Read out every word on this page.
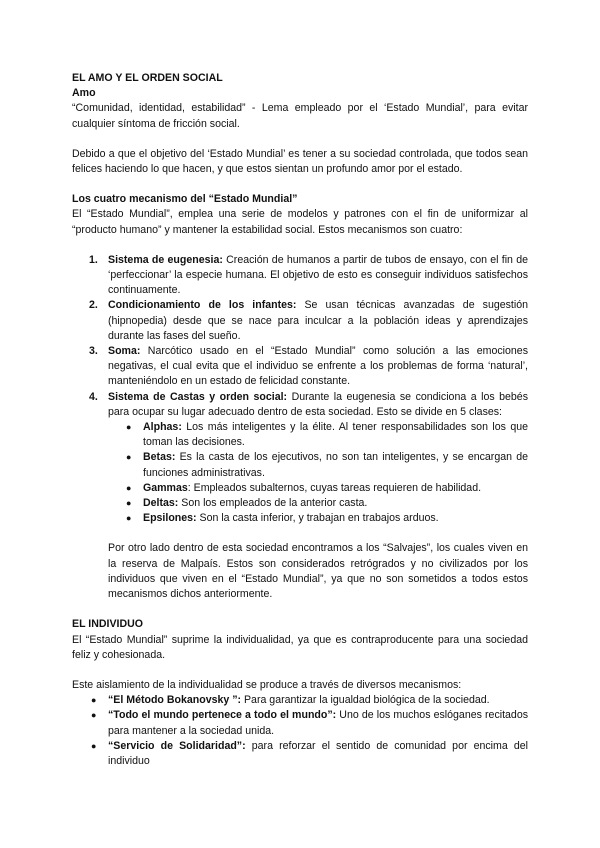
EL AMO Y EL ORDEN SOCIAL

Amo

“Comunidad, identidad, estabilidad” - Lema empleado por el ‘Estado Mundial’, para evitar cualquier síntoma de fricción social.

Debido a que el objetivo del ‘Estado Mundial’ es tener a su sociedad controlada, que todos sean felices haciendo lo que hacen, y que estos sientan un profundo amor por el estado.

Los cuatro mecanismo del “Estado Mundial”

El “Estado Mundial”, emplea una serie de modelos y patrones con el fin de uniformizar al “producto humano” y mantener la estabilidad social. Estos mecanismos son cuatro:

1. Sistema de eugenesia: Creación de humanos a partir de tubos de ensayo, con el fin de ‘perfeccionar’ la especie humana. El objetivo de esto es conseguir individuos satisfechos continuamente.
2. Condicionamiento de los infantes: Se usan técnicas avanzadas de sugestión (hipnopedia) desde que se nace para inculcar a la población ideas y aprendizajes durante las fases del sueño.
3. Soma: Narcótico usado en el “Estado Mundial” como solución a las emociones negativas, el cual evita que el individuo se enfrente a los problemas de forma ‘natural’, manteniéndolo en un estado de felicidad constante.
4. Sistema de Castas y orden social: Durante la eugenesia se condiciona a los bebés para ocupar su lugar adecuado dentro de esta sociedad. Esto se divide en 5 clases:
● Alphas: Los más inteligentes y la élite. Al tener responsabilidades son los que toman las decisiones.
● Betas: Es la casta de los ejecutivos, no son tan inteligentes, y se encargan de funciones administrativas.
● Gammas: Empleados subalternos, cuyas tareas requieren de habilidad.
● Deltas: Son los empleados de la anterior casta.
● Epsilones: Son la casta inferior, y trabajan en trabajos arduos.

Por otro lado dentro de esta sociedad encontramos a los “Salvajes”, los cuales viven en la reserva de Malpaís. Estos son considerados retrógrados y no civilizados por los individuos que viven en el “Estado Mundial”, ya que no son sometidos a todos estos mecanismos dichos anteriormente.

EL INDIVIDUO

El “Estado Mundial” suprime la individualidad, ya que es contraproducente para una sociedad feliz y cohesionada.

Este aislamiento de la individualidad se produce a través de diversos mecanismos:

● “El Método Bokanovsky ”: Para garantizar la igualdad biológica de la sociedad.
● “Todo el mundo pertenece a todo el mundo”: Uno de los muchos eslóganes recitados para mantener a la sociedad unida.
● “Servicio de Solidaridad”: para reforzar el sentido de comunidad por encima del individuo
